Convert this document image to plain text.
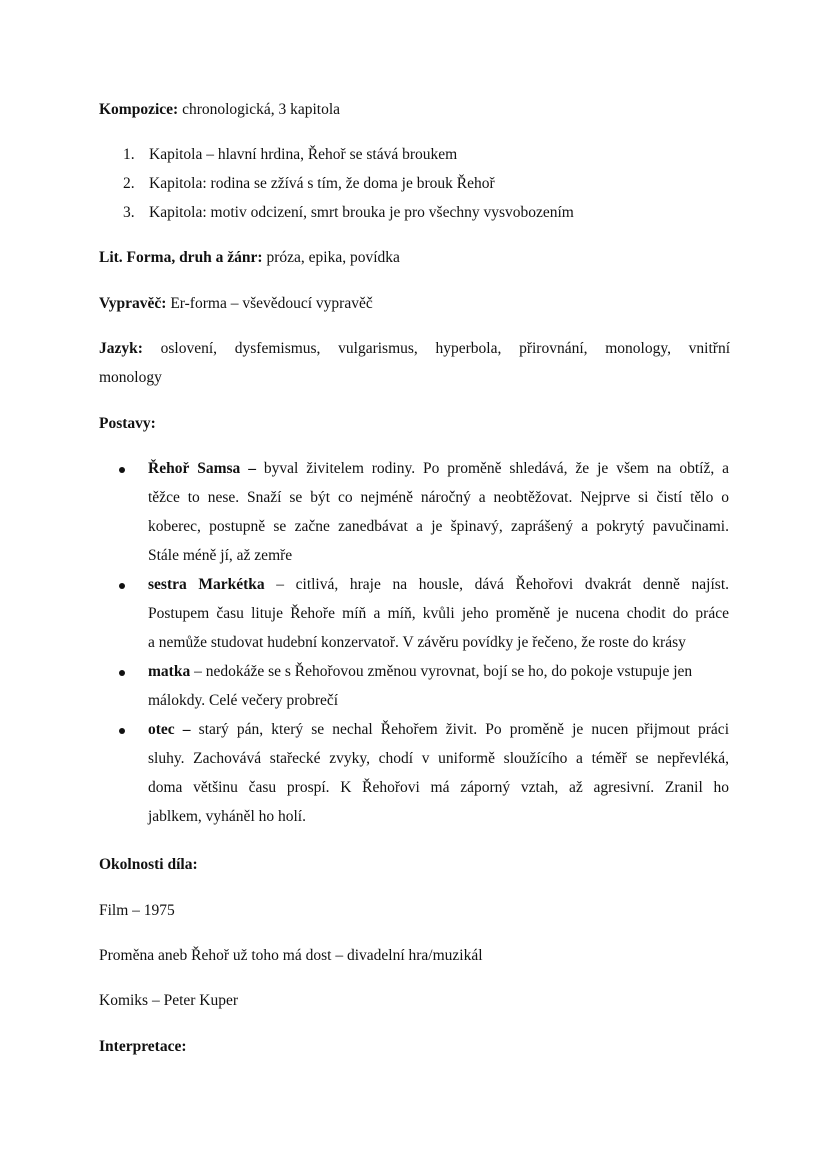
Kompozice: chronologická, 3 kapitola
1. Kapitola – hlavní hrdina, Řehoř se stává broukem
2. Kapitola: rodina se zžívá s tím, že doma je brouk Řehoř
3. Kapitola: motiv odcizení, smrt brouka je pro všechny vysvobozením
Lit. Forma, druh a žánr: próza, epika, povídka
Vypravěč: Er-forma – vševědoucí vypravěč
Jazyk: oslovení, dysfemismus, vulgarismus, hyperbola, přirovnání, monology, vnitřní
monology
Postavy:
Řehoř Samsa – byval živitelem rodiny. Po proměně shledává, že je všem na obtíž, a
těžce to nese. Snaží se být co nejméně náročný a neobtěžovat. Nejprve si čistí tělo o
koberec, postupně se začne zanedbávat a je špinavý, zaprášený a pokrytý pavučinami.
Stále méně jí, až zemře
sestra Markétka – citlivá, hraje na housle, dává Řehořovi dvakrát denně najíst.
Postupem času lituje Řehoře míň a míň, kvůli jeho proměně je nucena chodit do práce
a nemůže studovat hudební konzervatoř. V závěru povídky je řečeno, že roste do krásy
matka – nedokáže se s Řehořovou změnou vyrovnat, bojí se ho, do pokoje vstupuje jen
málokdy. Celé večery probrečí
otec – starý pán, který se nechal Řehořem živit. Po proměně je nucen přijmout práci
sluhy. Zachovává stařecké zvyky, chodí v uniformě sloužícího a téměř se nepřevléká,
doma většinu času prospí. K Řehořovi má záporný vztah, až agresivní. Zranil ho
jablkem, vyháněl ho holí.
Okolnosti díla:
Film – 1975
Proměna aneb Řehoř už toho má dost – divadelní hra/muzikál
Komiks – Peter Kuper
Interpretace:
